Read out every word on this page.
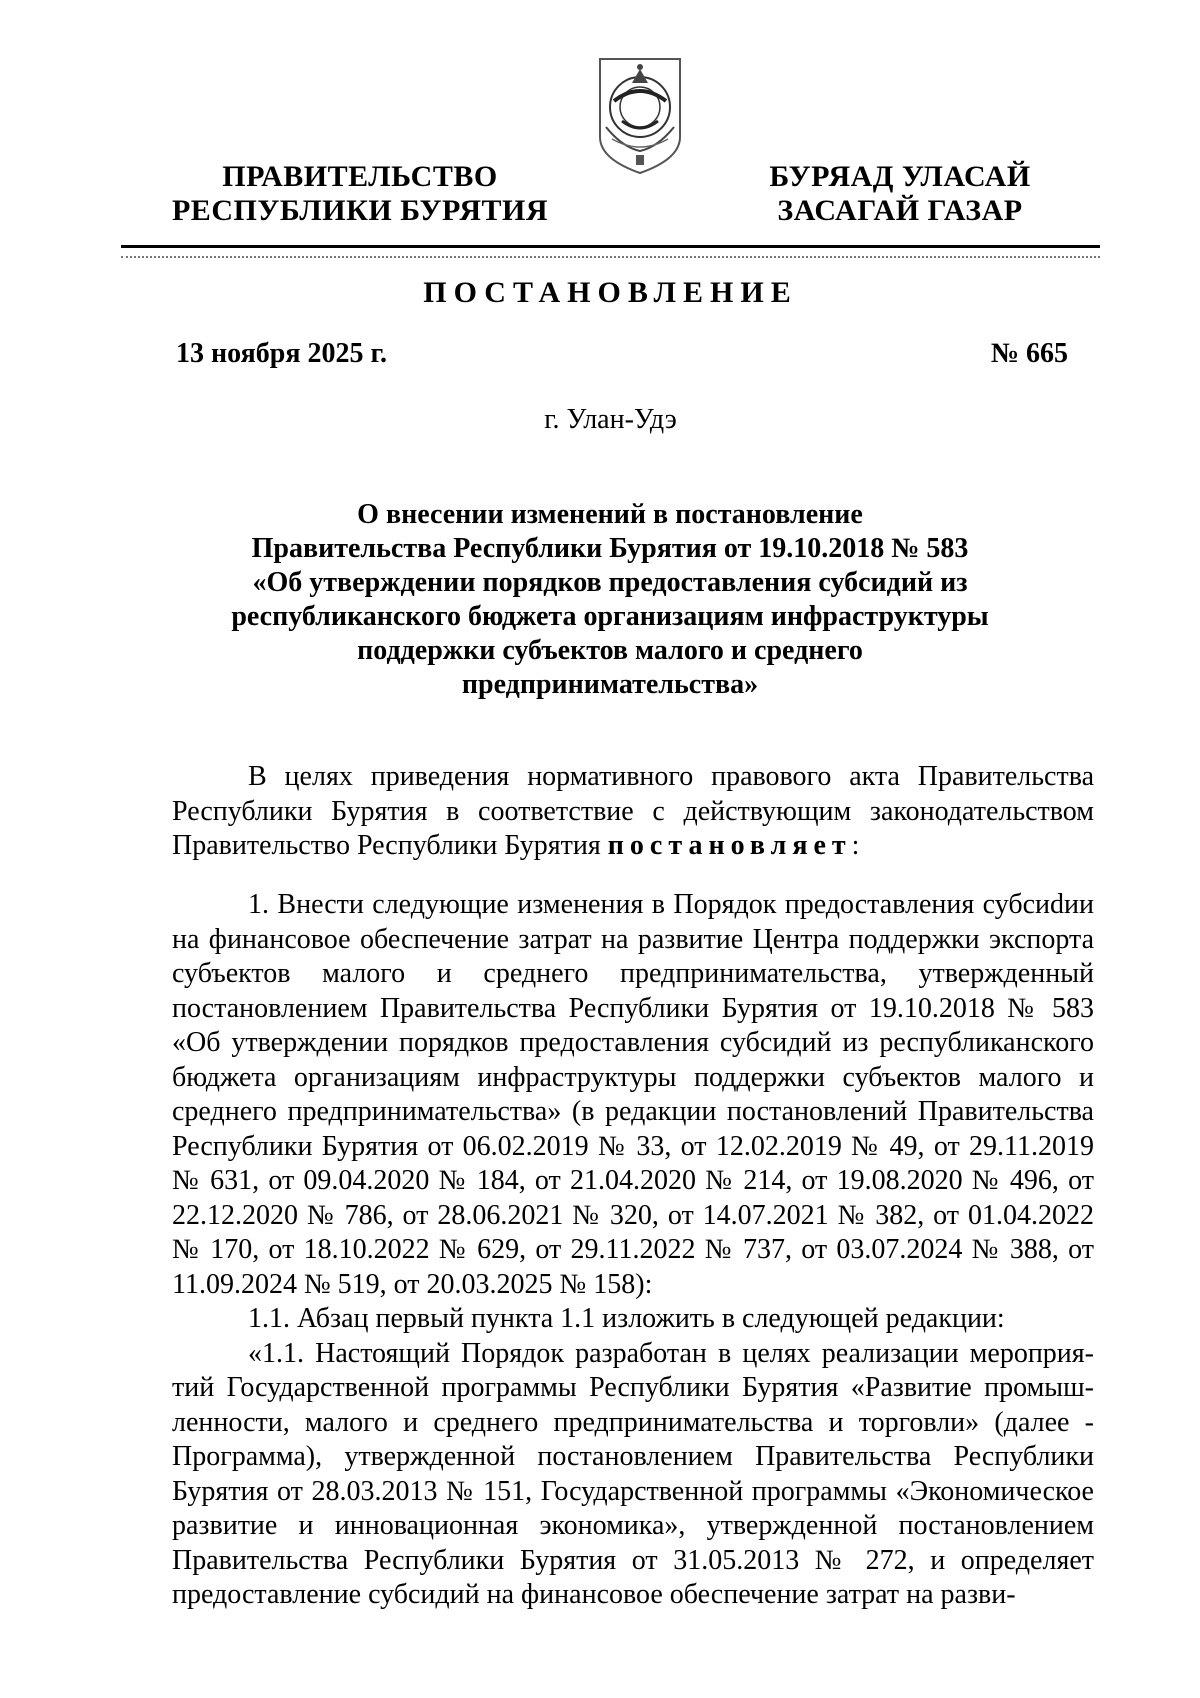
ПРАВИТЕЛЬСТВО
РЕСПУБЛИКИ БУРЯТИЯ
БУРЯАД УЛАСАЙ
ЗАСАГАЙ ГАЗАР
ПОСТАНОВЛЕНИЕ
13 ноября 2025 г.	№ 665
г. Улан-Удэ
О внесении изменений в постановление
Правительства Республики Бурятия от 19.10.2018 № 583
«Об утверждении порядков предоставления субсидий из
республиканского бюджета организациям инфраструктуры
поддержки субъектов малого и среднего
предпринимательства»

В целях приведения нормативного правового акта Правительства Республики Бурятия в соответствие с действующим законодательством Правительство Республики Бурятия постановляет:

1. Внести следующие изменения в Порядок предоставления субсиdии на финансовое обеспечение затрат на развитие Центра поддержки экспорта субъектов малого и среднего предпринимательства, утвержденный постановлением Правительства Республики Бурятия от 19.10.2018 № 583 «Об утверждении порядков предоставления субсидий из республиканского бюджета организациям инфраструктуры поддержки субъектов малого и среднего предпринимательства» (в редакции постановлений Правительства Республики Бурятия от 06.02.2019 № 33, от 12.02.2019 № 49, от 29.11.2019 № 631, от 09.04.2020 № 184, от 21.04.2020 № 214, от 19.08.2020 № 496, от 22.12.2020 № 786, от 28.06.2021 № 320, от 14.07.2021 № 382, от 01.04.2022 № 170, от 18.10.2022 № 629, от 29.11.2022 № 737, от 03.07.2024 № 388, от 11.09.2024 № 519, от 20.03.2025 № 158):

1.1. Абзац первый пункта 1.1 изложить в следующей редакции:

«1.1. Настоящий Порядок разработан в целях реализации мероприятий Государственной программы Республики Бурятия «Развитие промышленности, малого и среднего предпринимательства и торговли» (далее - Программа), утвержденной постановлением Правительства Республики Бурятия от 28.03.2013 № 151, Государственной программы «Экономическое развитие и инновационная экономика», утвержденной постановлением Правительства Республики Бурятия от 31.05.2013 № 272, и определяет предоставление субсидий на финансовое обеспечение затрат на разви-
